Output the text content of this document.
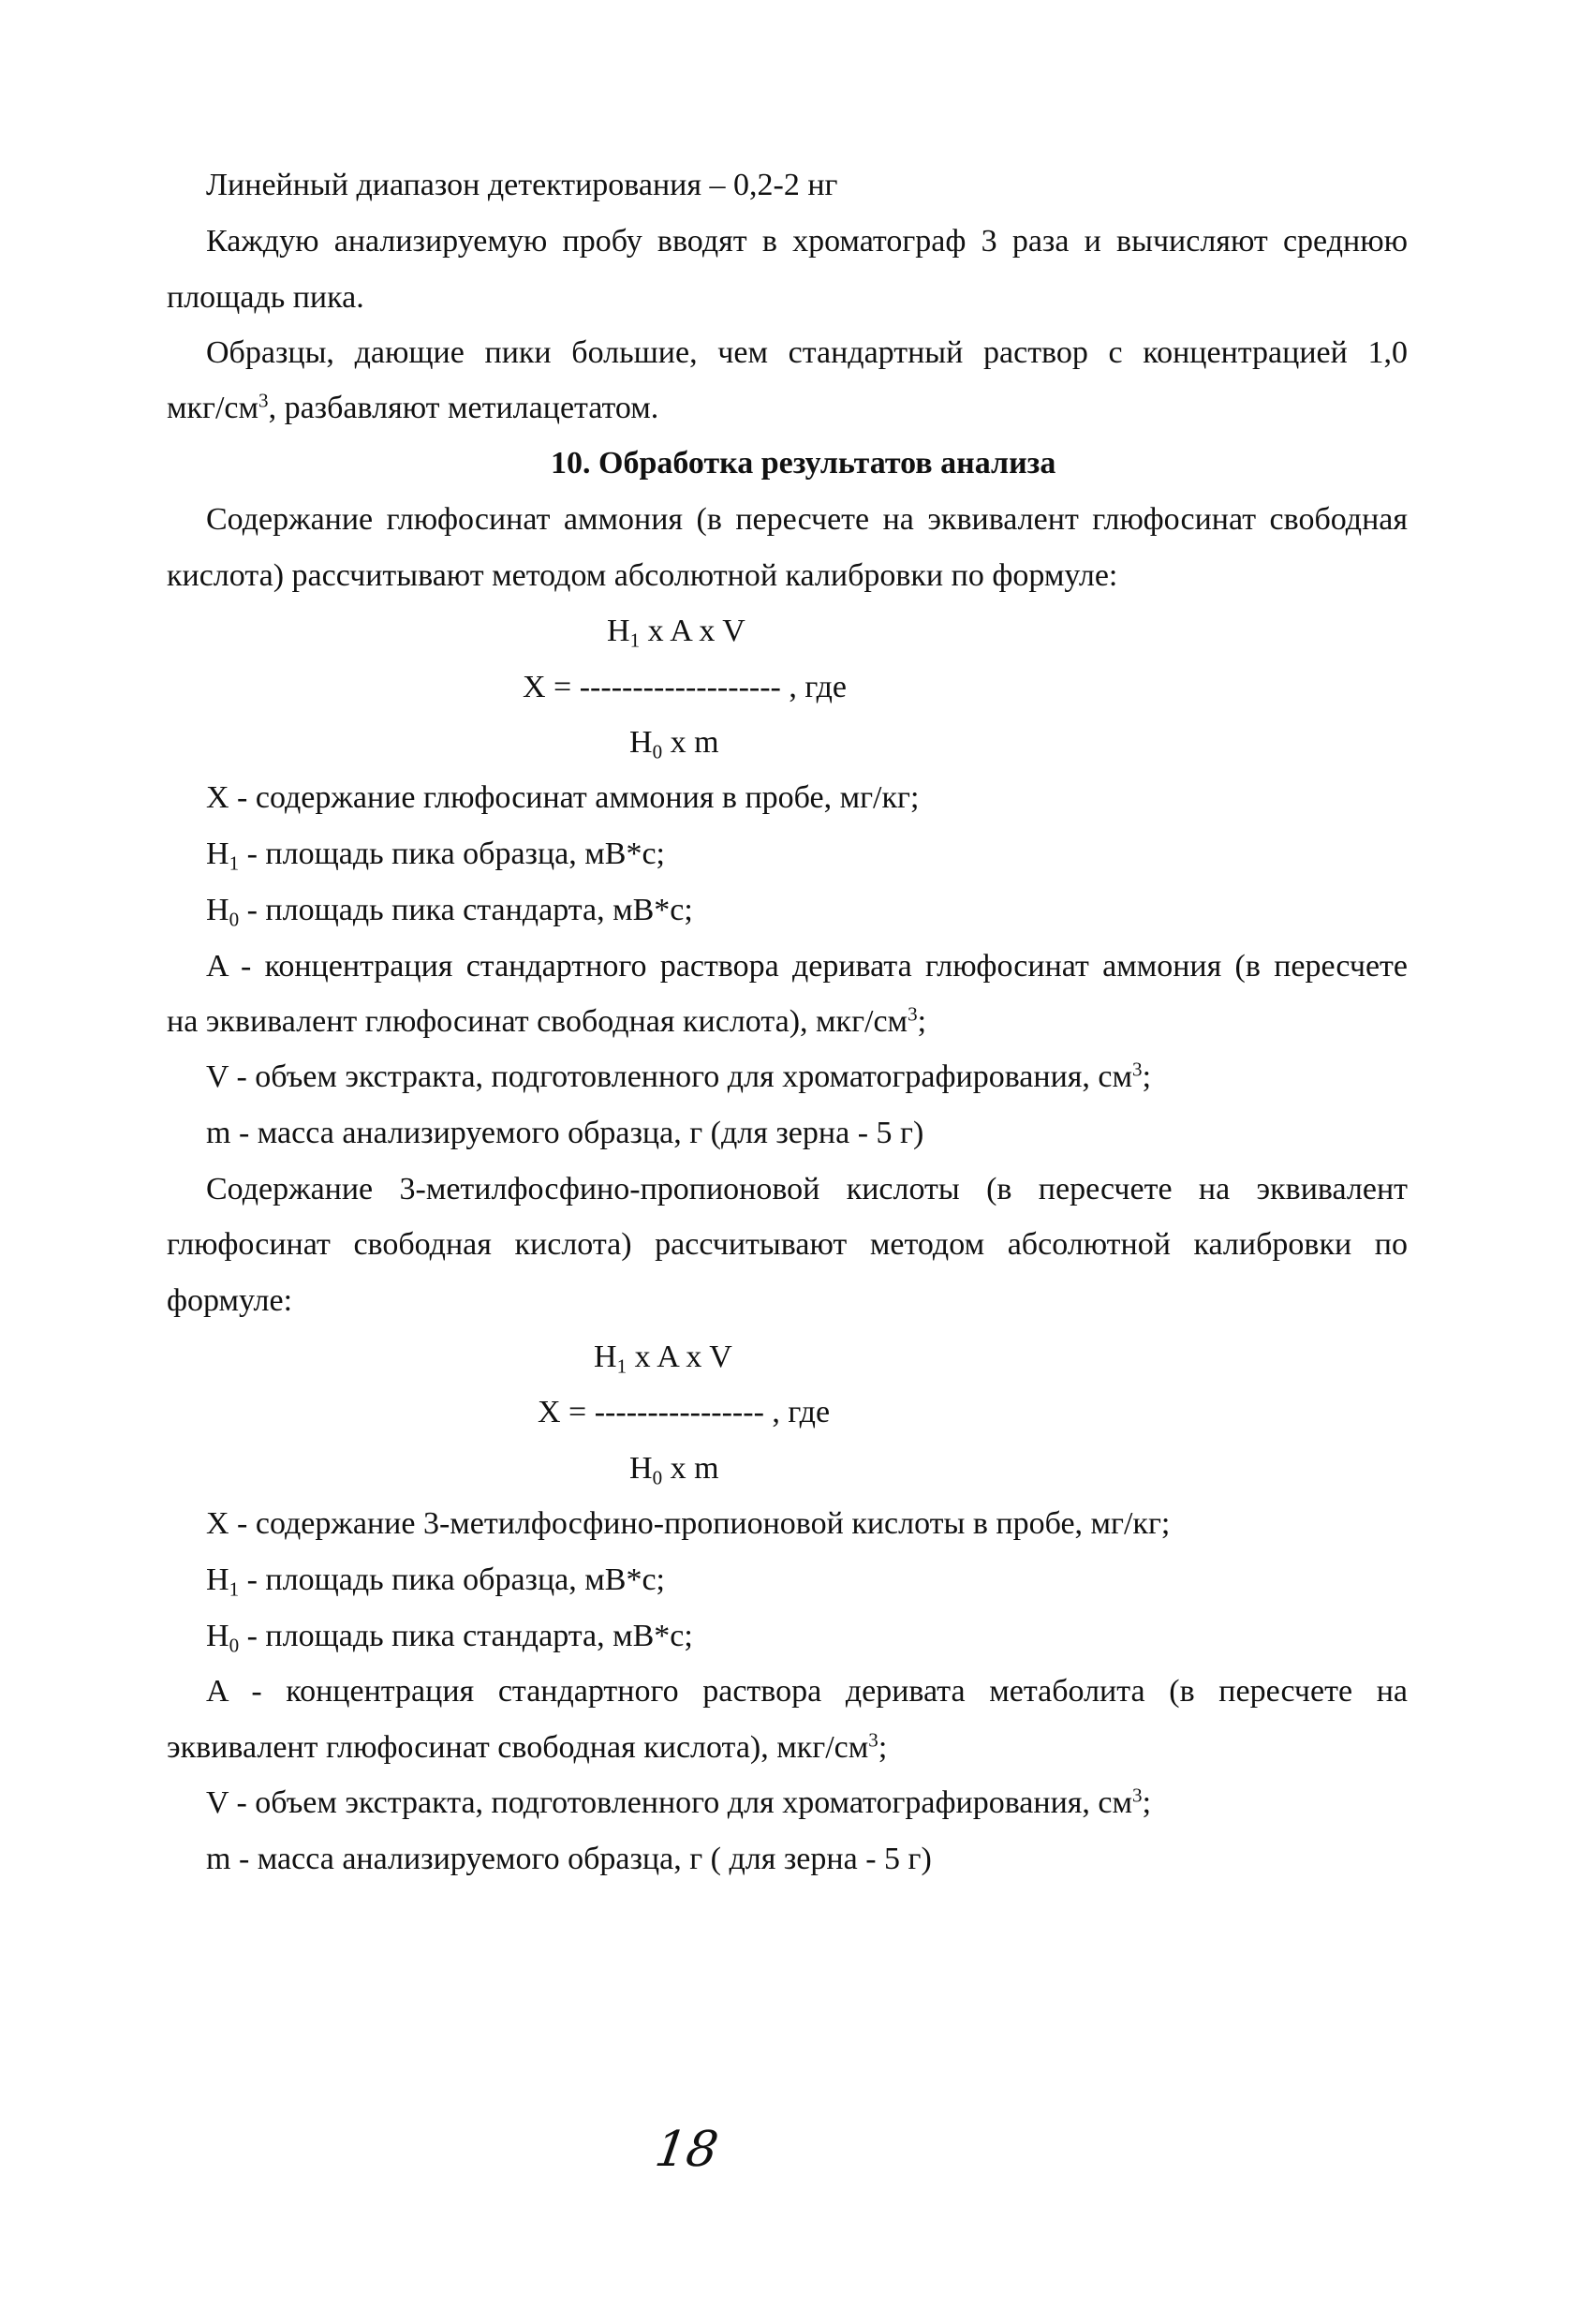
Линейный диапазон детектирования – 0,2-2 нг

Каждую анализируемую пробу вводят в хроматограф 3 раза и вычисляют среднюю

площадь пика.

Образцы, дающие пики большие, чем стандартный раствор с концентрацией 1,0

мкг/$см^3$, разбавляют метилацетатом.

10. Обработка результатов анализа

Содержание глюфосинат аммония (в пересчете на эквивалент глюфосинат свободная

кислота) рассчитывают методом абсолютной калибровки по формуле:

$H_1$ x A x V

X = ------------------- , где

$H_0$ x m

X - содержание глюфосинат аммония в пробе, мг/кг;

$H_1$ - площадь пика образца, мВ*с;

$H_0$ - площадь пика стандарта, мВ*с;

A - концентрация стандартного раствора деривата глюфосинат аммония (в пересчете

на эквивалент глюфосинат свободная кислота), мкг/$см^3$;

V - объем экстракта, подготовленного для хроматографирования, $см^3$;

m - масса анализируемого образца, г (для зерна - 5 г)

Содержание 3-метилфосфино-пропионовой кислоты (в пересчете на эквивалент

глюфосинат свободная кислота) рассчитывают методом абсолютной калибровки по

формуле:

$H_1$ x A x V

X = ---------------- , где

$H_0$ x m

X - содержание 3-метилфосфино-пропионовой кислоты в пробе, мг/кг;

$H_1$ - площадь пика образца, мВ*с;

$H_0$ - площадь пика стандарта, мВ*с;

A - концентрация стандартного раствора деривата метаболита (в пересчете на

эквивалент глюфосинат свободная кислота), мкг/$см^3$;

V - объем экстракта, подготовленного для хроматографирования, $см^3$;

m - масса анализируемого образца, г ( для зерна - 5 г)

18
